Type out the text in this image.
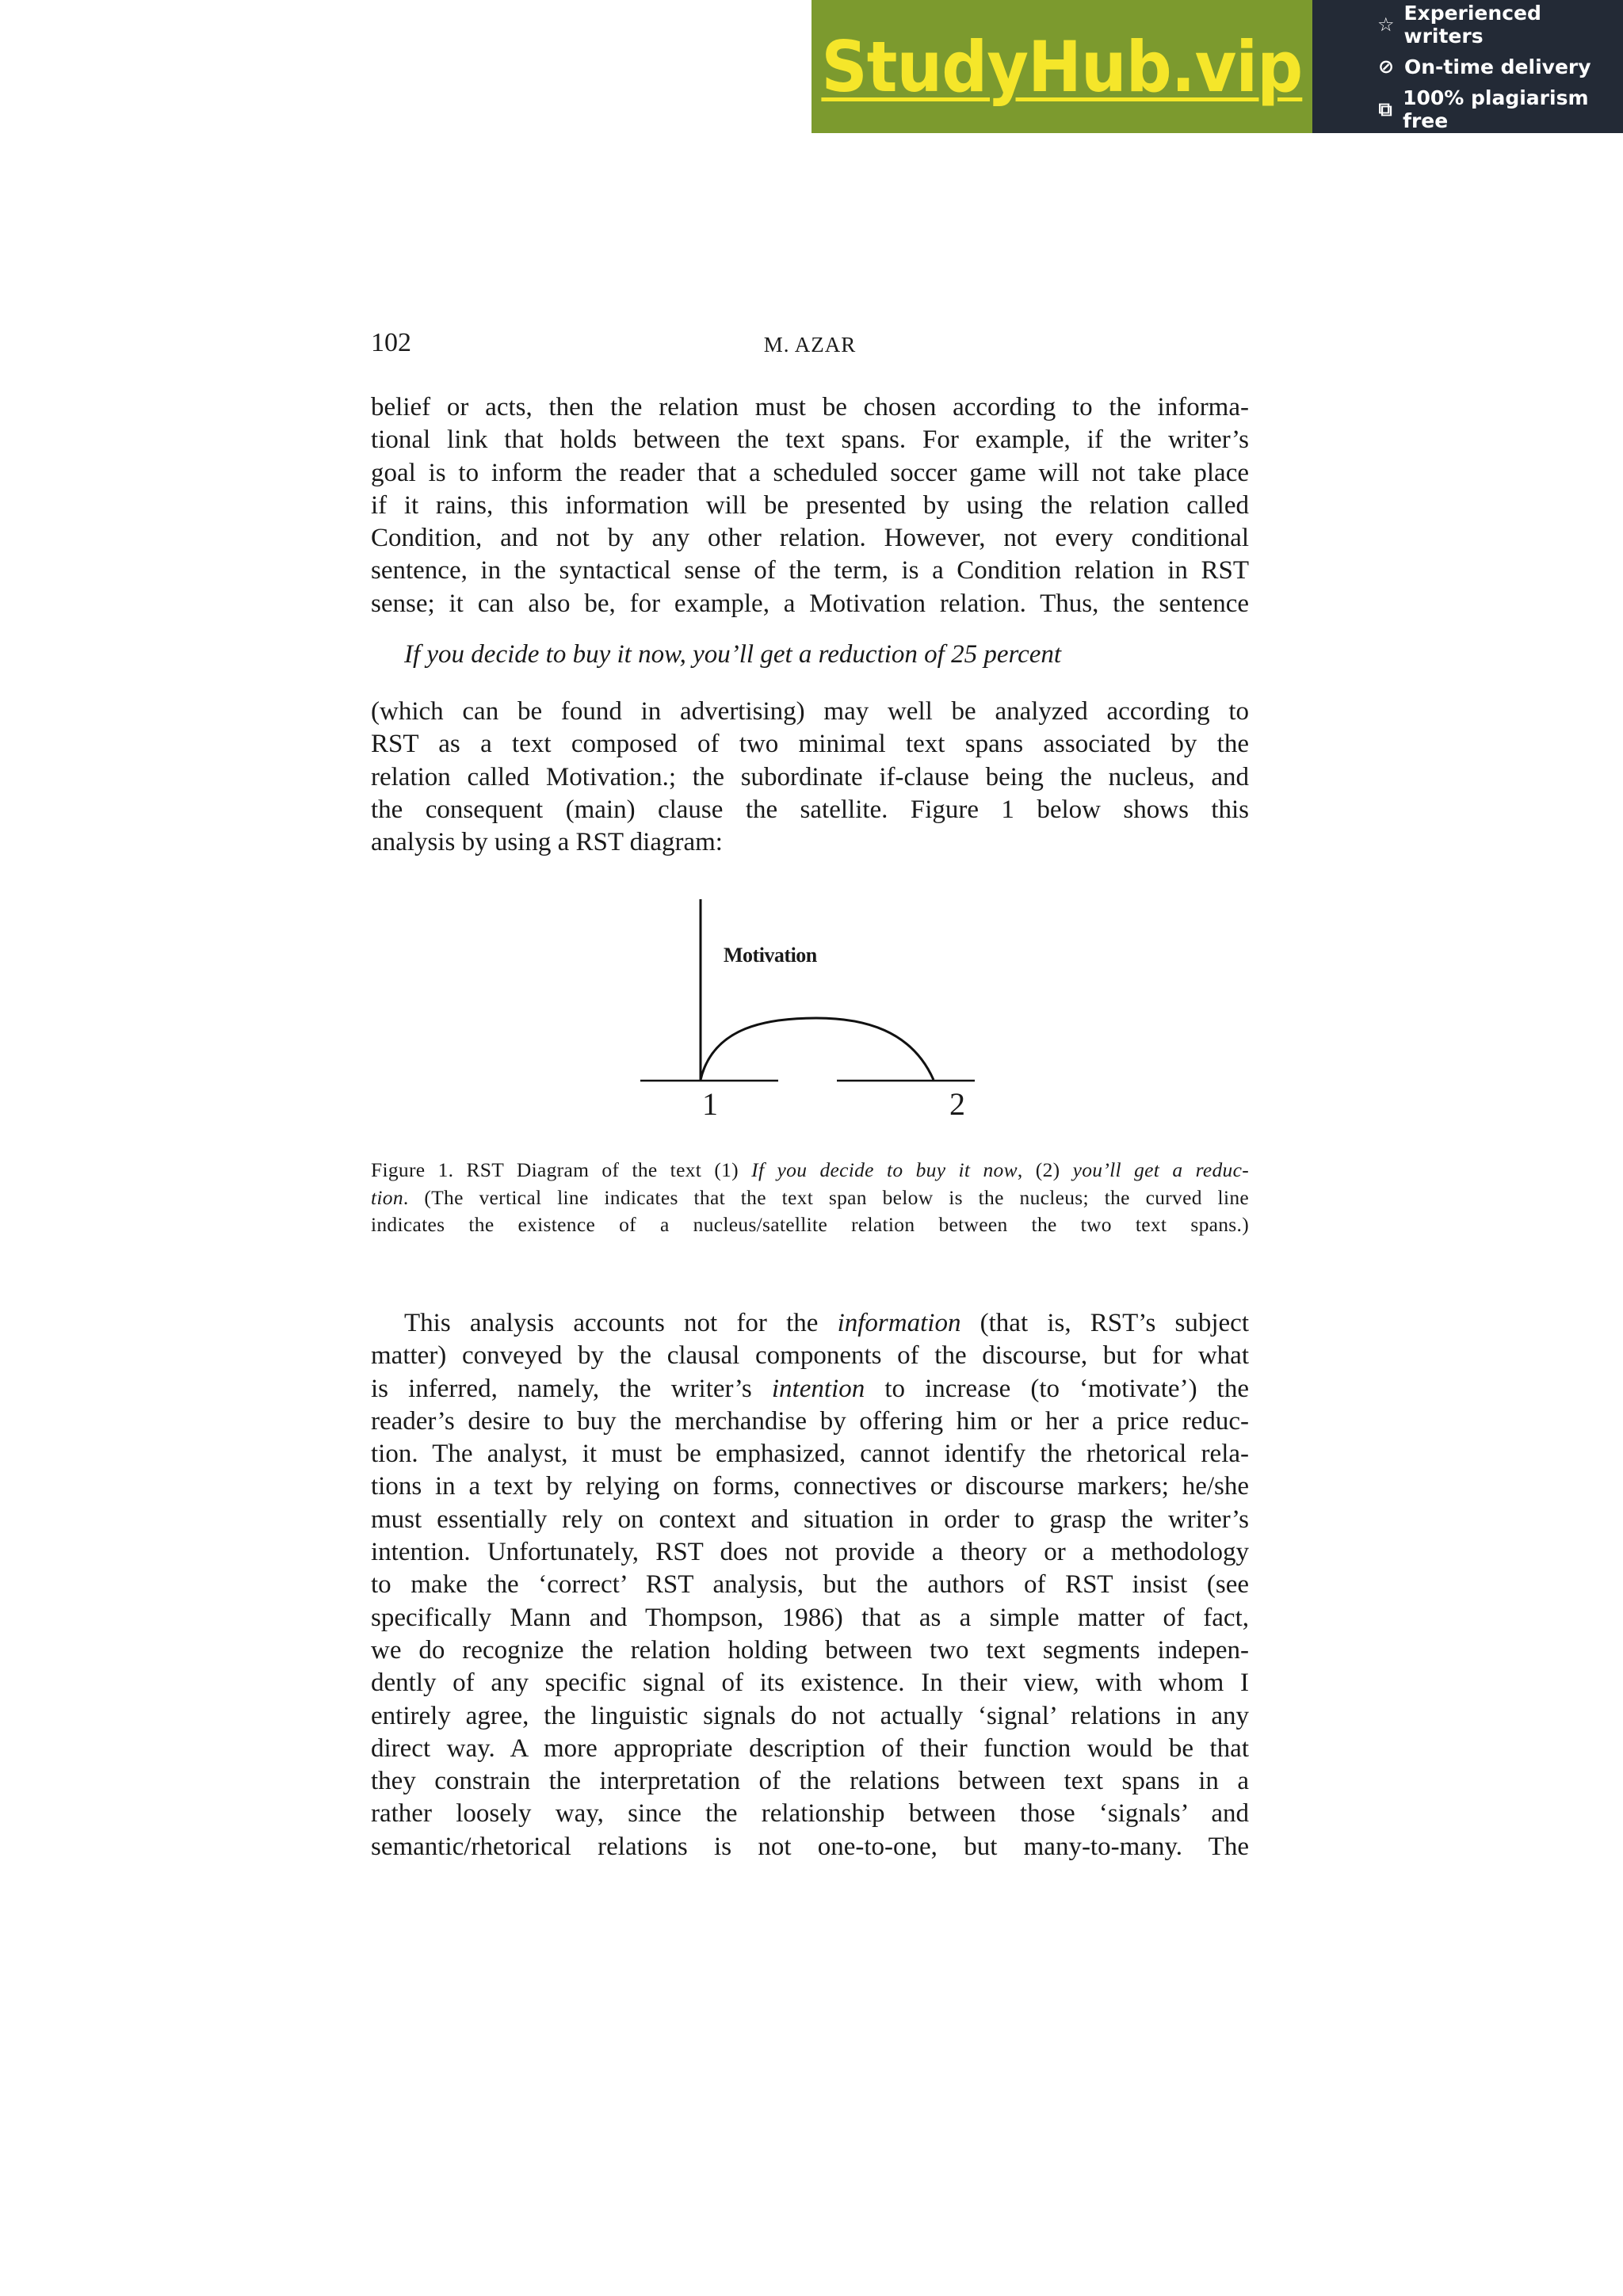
StudyHub.vip
☆ Experienced writers
⊘ On-time delivery
⧉ 100% plagiarism free
102	M. AZAR
belief or acts, then the relation must be chosen according to the informa-
tional link that holds between the text spans. For example, if the writer’s
goal is to inform the reader that a scheduled soccer game will not take place
if it rains, this information will be presented by using the relation called
Condition, and not by any other relation. However, not every conditional
sentence, in the syntactical sense of the term, is a Condition relation in RST
sense; it can also be, for example, a Motivation relation. Thus, the sentence
If you decide to buy it now, you’ll get a reduction of 25 percent
(which can be found in advertising) may well be analyzed according to
RST as a text composed of two minimal text spans associated by the
relation called Motivation.; the subordinate if-clause being the nucleus, and
the consequent (main) clause the satellite. Figure 1 below shows this
analysis by using a RST diagram:
Motivation
1	2
Figure 1. RST Diagram of the text (1) If you decide to buy it now, (2) you’ll get a reduc-
tion. (The vertical line indicates that the text span below is the nucleus; the curved line
indicates the existence of a nucleus/satellite relation between the two text spans.)
This analysis accounts not for the information (that is, RST’s subject
matter) conveyed by the clausal components of the discourse, but for what
is inferred, namely, the writer’s intention to increase (to ‘motivate’) the
reader’s desire to buy the merchandise by offering him or her a price reduc-
tion. The analyst, it must be emphasized, cannot identify the rhetorical rela-
tions in a text by relying on forms, connectives or discourse markers; he/she
must essentially rely on context and situation in order to grasp the writer’s
intention. Unfortunately, RST does not provide a theory or a methodology
to make the ‘correct’ RST analysis, but the authors of RST insist (see
specifically Mann and Thompson, 1986) that as a simple matter of fact,
we do recognize the relation holding between two text segments indepen-
dently of any specific signal of its existence. In their view, with whom I
entirely agree, the linguistic signals do not actually ‘signal’ relations in any
direct way. A more appropriate description of their function would be that
they constrain the interpretation of the relations between text spans in a
rather loosely way, since the relationship between those ‘signals’ and
semantic/rhetorical relations is not one-to-one, but many-to-many. The
